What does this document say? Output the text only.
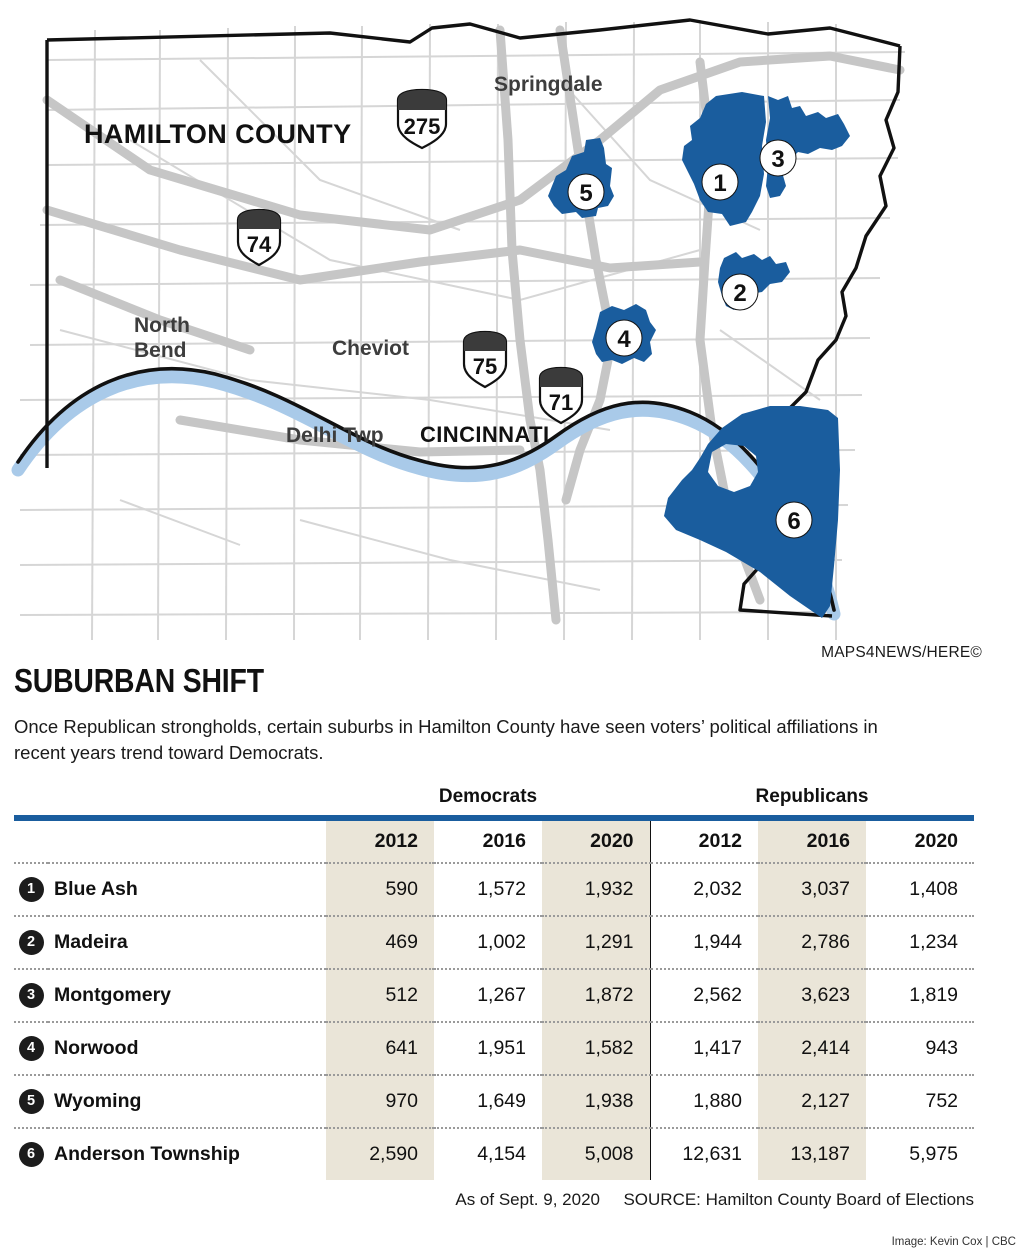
1
2
3
4
5
6
275
74
75
71
HAMILTON COUNTY
Springdale
North
Bend	Cheviot
Delhi Twp CINCINNATI
MAPS4NEWS/HERE©
SUBURBAN SHIFT

Once Republican strongholds, certain suburbs in Hamilton County have seen voters’ political affiliations in recent years trend toward Democrats.

		Democrats			Republicans		

		2012	2016	2020	2012	2016	2020
1	Blue Ash	590	1,572	1,932	2,032	3,037	1,408
2	Madeira	469	1,002	1,291	1,944	2,786	1,234
3	Montgomery	512	1,267	1,872	2,562	3,623	1,819
4	Norwood	641	1,951	1,582	1,417	2,414	943
5	Wyoming	970	1,649	1,938	1,880	2,127	752
6	Anderson Township	2,590	4,154	5,008	12,631	13,187	5,975
As of Sept. 9, 2020 SOURCE: Hamilton County Board of Elections
Image: Kevin Cox | CBC
